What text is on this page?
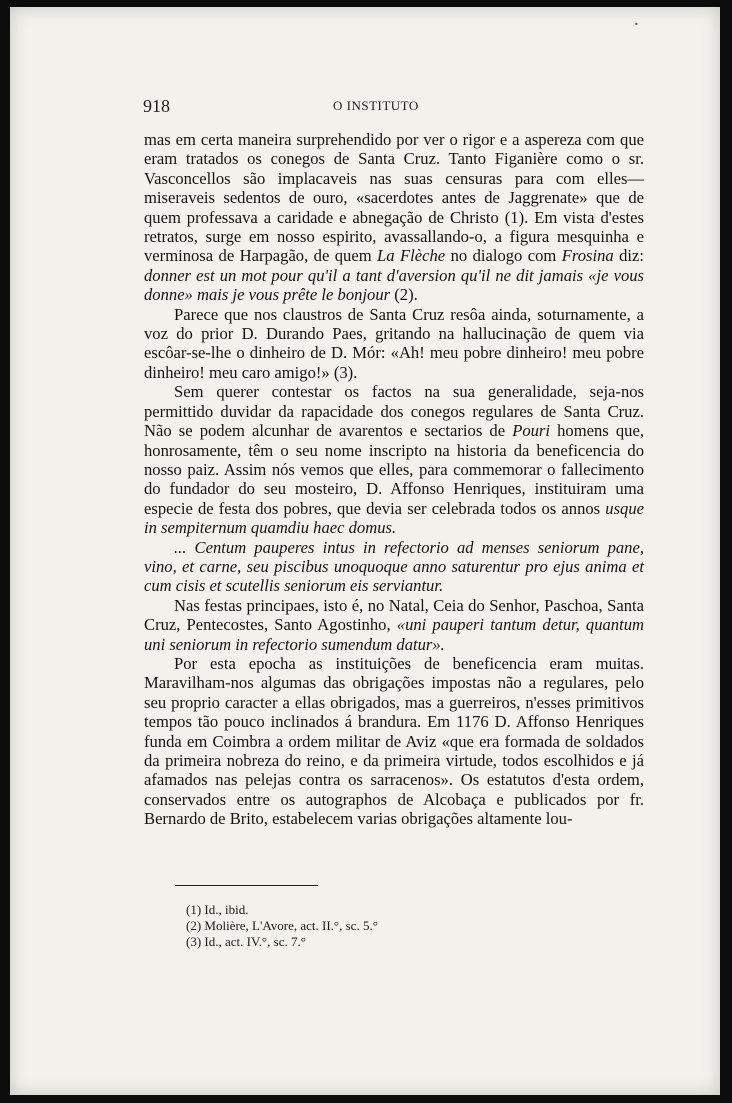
•
918	O INSTITUTO

mas em certa maneira surprehendido por ver o rigor e a aspereza com que eram tratados os conegos de Santa Cruz. Tanto Figanière como o sr. Vasconcellos são implacaveis nas suas censuras para com elles—miseraveis sedentos de ouro, «sacerdotes antes de Jaggrenate» que de quem professava a caridade e abnegação de Christo (1). Em vista d'estes retratos, surge em nosso espirito, avassallando-o, a figura mesquinha e verminosa de Harpagão, de quem La Flèche no dialogo com Frosina diz: donner est un mot pour qu'il a tant d'aversion qu'il ne dit jamais «je vous donne» mais je vous prête le bonjour (2).

Parece que nos claustros de Santa Cruz resôa ainda, soturnamente, a voz do prior D. Durando Paes, gritando na hallucinação de quem via escôar-se-lhe o dinheiro de D. Mór: «Ah! meu pobre dinheiro! meu pobre dinheiro! meu caro amigo!» (3).

Sem querer contestar os factos na sua generalidade, seja-nos permittido duvidar da rapacidade dos conegos regulares de Santa Cruz. Não se podem alcunhar de avarentos e sectarios de Pouri homens que, honrosamente, têm o seu nome inscripto na historia da beneficencia do nosso paiz. Assim nós vemos que elles, para commemorar o fallecimento do fundador do seu mosteiro, D. Affonso Henriques, instituiram uma especie de festa dos pobres, que devia ser celebrada todos os annos usque in sempiternum quamdiu haec domus.

... Centum pauperes intus in refectorio ad menses seniorum pane, vino, et carne, seu piscibus unoquoque anno saturentur pro ejus anima et cum cisis et scutellis seniorum eis serviantur.

Nas festas principaes, isto é, no Natal, Ceia do Senhor, Paschoa, Santa Cruz, Pentecostes, Santo Agostinho, «uni pauperi tantum detur, quantum uni seniorum in refectorio sumendum datur».

Por esta epocha as instituições de beneficencia eram muitas. Maravilham-nos algumas das obrigações impostas não a regulares, pelo seu proprio caracter a ellas obrigados, mas a guerreiros, n'esses primitivos tempos tão pouco inclinados á brandura. Em 1176 D. Affonso Henriques funda em Coimbra a ordem militar de Aviz «que era formada de soldados da primeira nobreza do reino, e da primeira virtude, todos escolhidos e já afamados nas pelejas contra os sarracenos». Os estatutos d'esta ordem, conservados entre os autographos de Alcobaça e publicados por fr. Bernardo de Brito, estabelecem varias obrigações altamente lou-

(1) Id., ibid.
(2) Molière, L'Avore, act. II.°, sc. 5.°
(3) Id., act. IV.°, sc. 7.°
